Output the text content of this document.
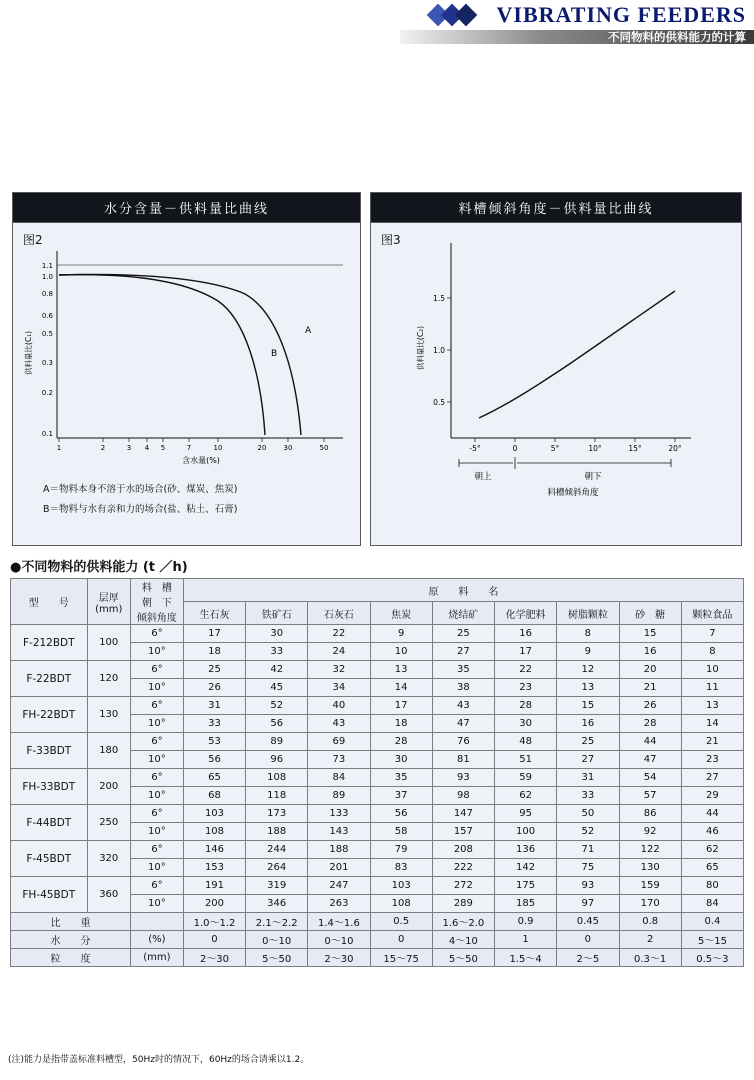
VIBRATING FEEDERS
不同物料的供料能力的计算
水分含量－供料量比曲线
图2
1.1
1.0
0.8
0.6
0.5
0.3
0.2
0.1
供料量比(C₁)
1	2	3 4 5	7	10	20 30	50
含水量(%)
A
B
A＝物料本身不溶于水的场合(砂、煤炭、焦炭)
B＝物料与水有亲和力的场合(盐、粘土、石膏)
料槽倾斜角度－供料量比曲线
图3
1.5
1.0
0.5
供料量比(C₂)
-5°	0	5°	10°	15°	20°
朝上	朝下
料槽倾斜角度
●不同物料的供料能力 (t ／h)
型　　号	层厚
(mm)

料　槽
朝　下
倾斜角度
	原　　料　　名
			生石灰	铁矿石	石灰石	焦炭	烧结矿	化学肥料	树脂颗粒	砂　糖	颗粒食品
F-212BDT	100	6°	17	30	22	9	25	16	8	15	7
		10°	18	33	24	10	27	17	9	16	8
F-22BDT	120	6°	25	42	32	13	35	22	12	20	10
		10°	26	45	34	14	38	23	13	21	11
FH-22BDT	130	6°	31	52	40	17	43	28	15	26	13
		10°	33	56	43	18	47	30	16	28	14
F-33BDT	180	6°	53	89	69	28	76	48	25	44	21
		10°	56	96	73	30	81	51	27	47	23
FH-33BDT	200	6°	65	108	84	35	93	59	31	54	27
		10°	68	118	89	37	98	62	33	57	29
F-44BDT	250	6°	103	173	133	56	147	95	50	86	44
		10°	108	188	143	58	157	100	52	92	46
F-45BDT	320	6°	146	244	188	79	208	136	71	122	62
		10°	153	264	201	83	222	142	75	130	65
FH-45BDT	360	6°	191	319	247	103	272	175	93	159	80
		10°	200	346	263	108	289	185	97	170	84
比　　重			1.0～1.2	2.1～2.2	1.4～1.6	0.5	1.6～2.0	0.9	0.45	0.8	0.4
水　　分		(%)	0	0～10	0～10	0	4～10	1	0	2	5～15
粒　　度		(mm)	2～30	5～50	2～30	15～75	5～50	1.5～4	2～5	0.3～1	0.5～3
(注)能力是指带盖标准料槽型，50Hz时的情况下，60Hz的场合请乘以1.2。
